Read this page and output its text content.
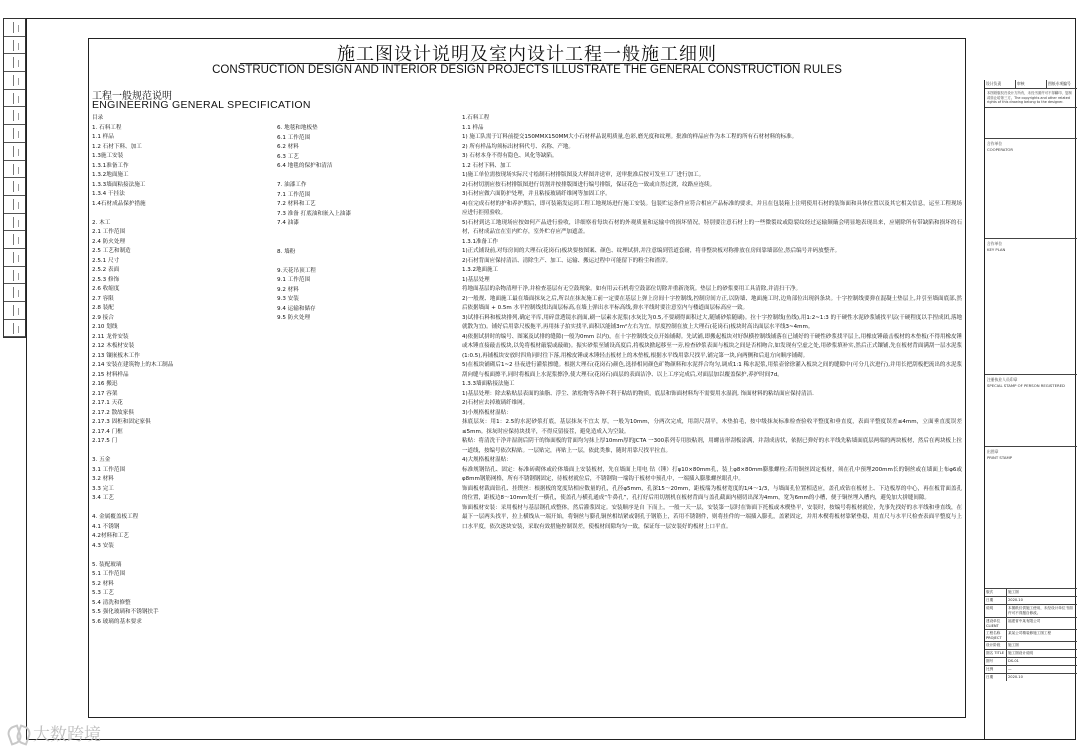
施工图设计说明及室内设计工程一般施工细则
CONSTRUCTION DESIGN AND INTERIOR DESIGN PROJECTS ILLUSTRATE THE GENERAL CONSTRUCTION RULES
工程一般规范说明
ENGINEERING GENERAL SPECIFICATION
目录
1. 石料工程
1.1 样品
1.2 石材下料、加工
1.3施工安装
1.3.1准备工作
1.3.2地面施工
1.3.3墙面粘接法施工
1.3.4 干挂法
1.4石材成品保护措施
2. 木工
2.1 工作范围
2.4 防火处理
2.5 工艺和制造
2.5.1 尺寸
2.5.2 表面
2.5.3 修饰
2.6 收缩度
2.7 容限
2.8 装配
2.9 接合
2.10 划线
2.11 龙骨安装
2.12 木板材安装
2.13 镶嵌板木工作
2.14 安装在建筑物上的木工制品
2.15 材料样品
2.16 搬迅
2.17 容架
2.17.1 天花
2.17.2 散故家俱
2.17.3 固柜和固定家俱
2.17.4 门框
2.17.5 门
3. 五金
3.1 工作范围
3.2 材料
3.3 完工
3.4 工艺
4. 金属覆盖板工程
4.1 不锈钢
4.2材料和工艺
4.3 安装
5. 装配玻璃
5.1 工作范围
5.2 材料
5.3 工艺
5.4 清洗和修整
5.5 强化玻璃和不锈钢扶手
5.6 玻璃的基本要求
6. 地毯和地板垫
6.1 工作范围
6.2 材料
6.3 工艺
6.4 地毯的保护和清洁
7. 油漆工作
7.1 工作范围
7.2 材料和工艺
7.3 准备 打底油和嵌入上油漆
7.4 油漆
8. 墙粉
9.天花吊顶工程
9.1 工作范围
9.2 材料
9.3 安装
9.4 运输和储存
9.5 防火处理
1.石料工程
1.1 样品
1) 施工队需于订料前提交150MMX150MM大小石材样品说明质量,色彩,磨光度和纹理。批准的样品应作为本工程的所有石材材料的标准。
2) 所有样品均须标出材料代号、名称、产地。
3) 石材本身不得有隐色、风化等缺陷。
1.2 石材下料、加工
1)施工单位需按现场实际尺寸绘制石材排版图及大样图并送审，送审批准后按可发至工厂进行加工。
2)石材切割应按石材排版图进行切割并按排版图进行编号排版，保证花色一致或自然过渡，纹路应连续。
3)石材应做六面防护处理，并且粘接玻璃纤维网等加固工序。
4)在完成石材的护和养护期后，即可装箱发运到工程工地现场进行施工安装。包装贮运条件应符合相应产品标准的要求，并且在包装箱上注明使用石材的装饰面和具体位置以及其它相关信息，运至工程现场应进行拒照验收。
5)石材到达工地现场应按如何产品进行验收，详细察看每块石材的外观质量和运输中的损坏情况，特别要注意石材上的一些微裂纹或隐裂纹经过运输颠簸会明显地表现出来，应剔除所有带缺陷和损坏的石材，石材成品宜在室内贮存，室外贮存应严加遮盖。
1.3.1准备工作
1)正式铺设前,对每房间的大理石(花岗石)板块要按图案、颜色、纹理试拼,并注意编到管道套耐，将非整块板对称排放在房间靠墙部位,然后编号并码放整齐。
2)石材背面应保持清洁、清除生产、加工、运输、搬运过程中可能留下的粉尘和渣滓。
1.3.2地面施工
1)基层处理
将地面基层的杂物清理干净,并检查基层有无空鼓现象。如有用云石机将空鼓部位切除并重新浇筑。垫层上的砂浆要用工具清除,并清扫干净。
2)一般规、地面施工最在墙面抹灰之后,所以在抹灰施工前一定要在基层上弹上房间十字控制线,控制房间方正,以防墙、地面施工时,边角部位出现斜条块。十字控制线要弹在混凝土垫层上,并引至墙面底部,然后依据墙面 + 0.5m 水平控制线找出面层标高,在墙上弹出水平标高线,弹水平线时要注意室内与楼道面层标高应一致。
3)试排石料和板块排列,确定平库,用碎盘透镜水润面,刷一层素水泥浆(水灰比为0.5,不要刷得面积过大,随铺砂浆随刷)。拉十字控制线(鱼线),用1:2~1:3 的干硬性水泥砂浆铺找平层(干硬程度以手捏成团,落地就散为宜)。铺好后用靠尺板拖平,再用抹子拍实找平,面积以能铺3m²左右为宜。厚度控制在放上大理石(花岗石)板块时高出面层水平线3~4mm。
4)依据试拼时的编号、图案及试排的缝隙(一般为0mm 以内)，在十字控制线交点开始铺砌。先试铺,即搬起板块对好纵横控制线铺落在已铺好的干硬性砂浆找平层上,用橡皮锤敲击板材的木垫板(不得用橡皮锤或木锤直接敲击板块,以免将板材敲裂或敲破)。振实砂浆至铺设高度后,将板块掀起移至一旁,检查砂浆表面与板块之间是否相吻合,如发现有空虚之处,用砂浆填补实,然后正式镶铺,先在板材背面满刮一层水泥浆(1:0.5),再铺板块安放时四角同时往下落,用橡皮锤或木锤轻击板材上的木垫板,根据水平线用靠尺找平,铺完第一块,向两侧和后退方向顺序铺砌。
5)在板块铺砌后1~2 昼夜进行灌浆擦缝。根据大理石(花岗石)颜色,选择相同颜色矿物颜料和水泥拌合均匀,调成1:1 稀水泥浆,用浆壶徐徐灌入板块之间的缝隙中(可分几次进行),并用长把刮板把流出的水泥浆刮向缝与板面擦平,同时将板面上水泥浆擦净,使大理石(花岗石)面层的表面洁净、以上工序完成后,对面层加以覆盖保护,养护时间7d。
1.3.3墙面粘接法施工
1)基层处理：除去粘贴层表面的油脂、浮尘、浓松物等各种不利于粘结的物质，底层和饰面材料均不需要用水湿润, 饰面材料的粘结面应保持清洁.
2)石材应去掉玻璃纤维网。
3)小规格板材湿贴：
抹底层灰：用1：2.5的水泥砂浆打底，基层抹灰不宜太 厚，一般为10mm，分两次完成，用刮尺刮平，木垫拍毛，按中级抹灰标准检查验收平整度和垂直度，表面平整度误差≤4mm，立面垂直度误差≤5mm。抹灰时应保持块找平，不得反留接茬，避免造成入为空鼓。
粘贴：将清洗干净并湿润后阴干的饰面板的背面均匀抹上厚10mm厚的JCTA 一300系列专用胶粘剂，用螺齿形刮板涂满，并刮成齿状，依据已弹好的水平线先粘墙面底层两端的两块板材，然后在两块板上拉一道线，按编号依次粘贴。一层贴完，再贴上一层，依此类推，随时用靠尺找平拉直。
4)大规格板材湿贴：
标准规钢钻孔、固定：标准砖砌体或砼体墙面上安装板材，先在墙面上用电 钻（锤）打φ10×80mm孔，装上φ8×80mm膨胀螺栓;若用铜丝固定板材，须在孔中预埋200mm长的铜丝或在墙面上布φ6或φ8mm钢筋网格，所有不锈钢钢固定，待板材就位后，不锈钢钩一端钩于板材中预孔中，一端插入膨胀螺丝眼孔中。
饰面板材裁面钻孔、挂锲丝：根据板的宽度钻相应数量的孔，孔径φ5mm，孔深15～20mm，距板端为板材宽度的1/4～1/3，与墙面孔位置相适应，盖孔成钻在板材上、下边板厚的中心，再在板背面盖孔的位置，距板边8～10mm处打一横孔，使盖孔与横孔通成“牛鼻孔”，孔打好后用切割机在板材背面与盖孔截面内剔切出深为4mm，宽为6mm的小槽，便于铜丝埋入槽内，避免加大拼缝间隙。
饰面板材安装：采用板材与基层钢孔成整体，然后灌浆固定。安装顺序是自 下而上，一般一天一层，安装第一层时在饰面下托板或木楔垫平，安装时，按编号将板材就位，先事先找好的水平线和垂直线，在最下一层两头找平，拉上横线从一端开始，将铜丝与膨孔铜丝相结紧或钢孔于钢筋上，若用不锈钢件，则将挂件的一端插入膨孔，盖紧固定，并用木楔将板材靠紧垫稳，用直尺与水平尺检查表面平整度与上口水平度，依次逐块安装，采取有效措施控制误差，使板材间隙均匀一致，保证每一层安装好的板材上口平直。
设计负责	审核	图纸专项编号
本图纸版权归设计方所有，未经书面许可不得翻印、复制或转让给第三方。The copyrights and other related rights of this drawing belong to the designer.
合作单位
COOPERATOR
合作单位
KEY PLAN
注册执业人员印章
SPECIAL STAMP OF PERSON REGISTERED
出图章
PRINT STAMP
版次	施工图
日期	2020.10
说明	本图纸仅供施工使用，未经设计单位书面许可不得擅自修改。
建设单位 CLIENT
福建省中某有限公司
工程名称 PROJECT
某某公司精装修施工图工程
设计阶段	施工图
图名 TITLE	施工图设计说明
图号	DS-01
比例	—
日期	2020.10
大数跨境
